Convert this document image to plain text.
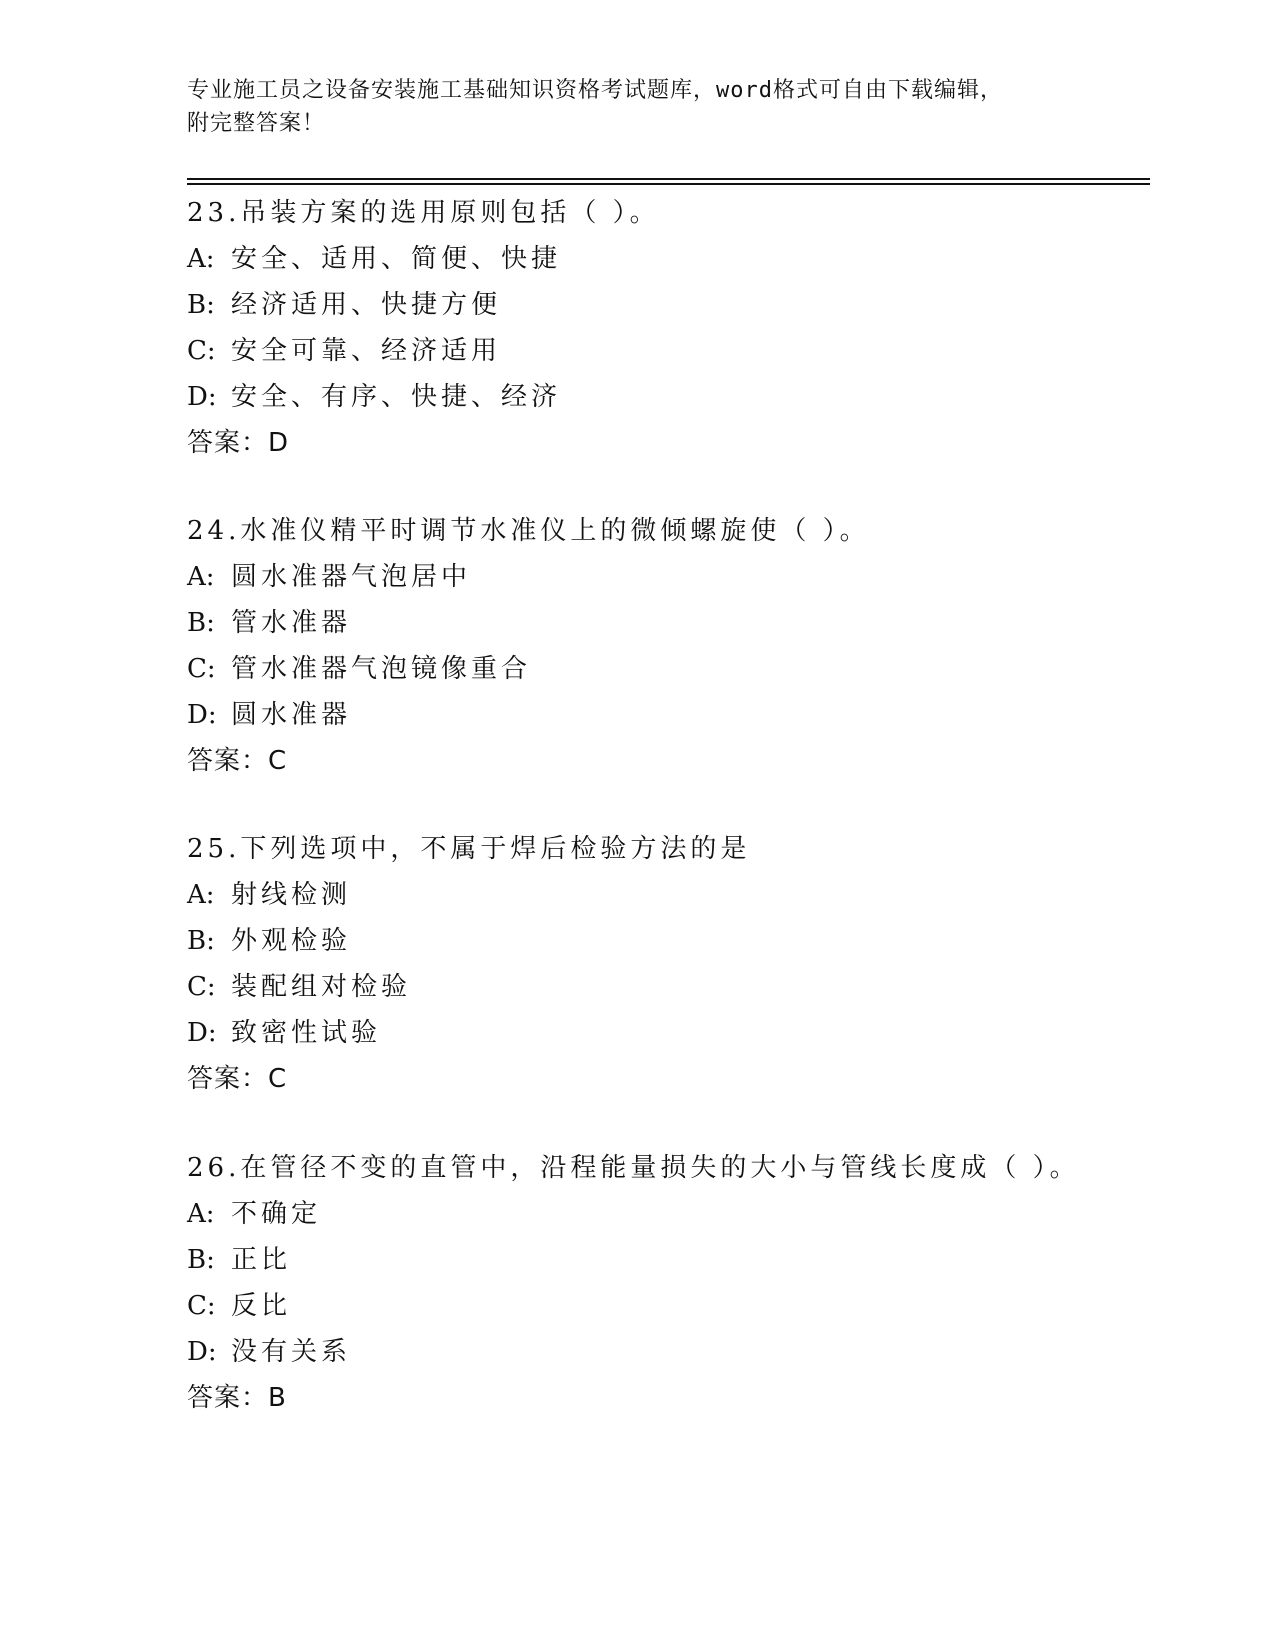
专业施工员之设备安装施工基础知识资格考试题库，word格式可自由下载编辑，
附完整答案！
23.吊装方案的选用原则包括（ ）。
A: 安全、适用、简便、快捷
B: 经济适用、快捷方便
C: 安全可靠、经济适用
D: 安全、有序、快捷、经济
答案：D
24.水准仪精平时调节水准仪上的微倾螺旋使（ ）。
A: 圆水准器气泡居中
B: 管水准器
C: 管水准器气泡镜像重合
D: 圆水准器
答案：C
25.下列选项中，不属于焊后检验方法的是
A: 射线检测
B: 外观检验
C: 装配组对检验
D: 致密性试验
答案：C
26.在管径不变的直管中，沿程能量损失的大小与管线长度成（ ）。
A: 不确定
B: 正比
C: 反比
D: 没有关系
答案：B
